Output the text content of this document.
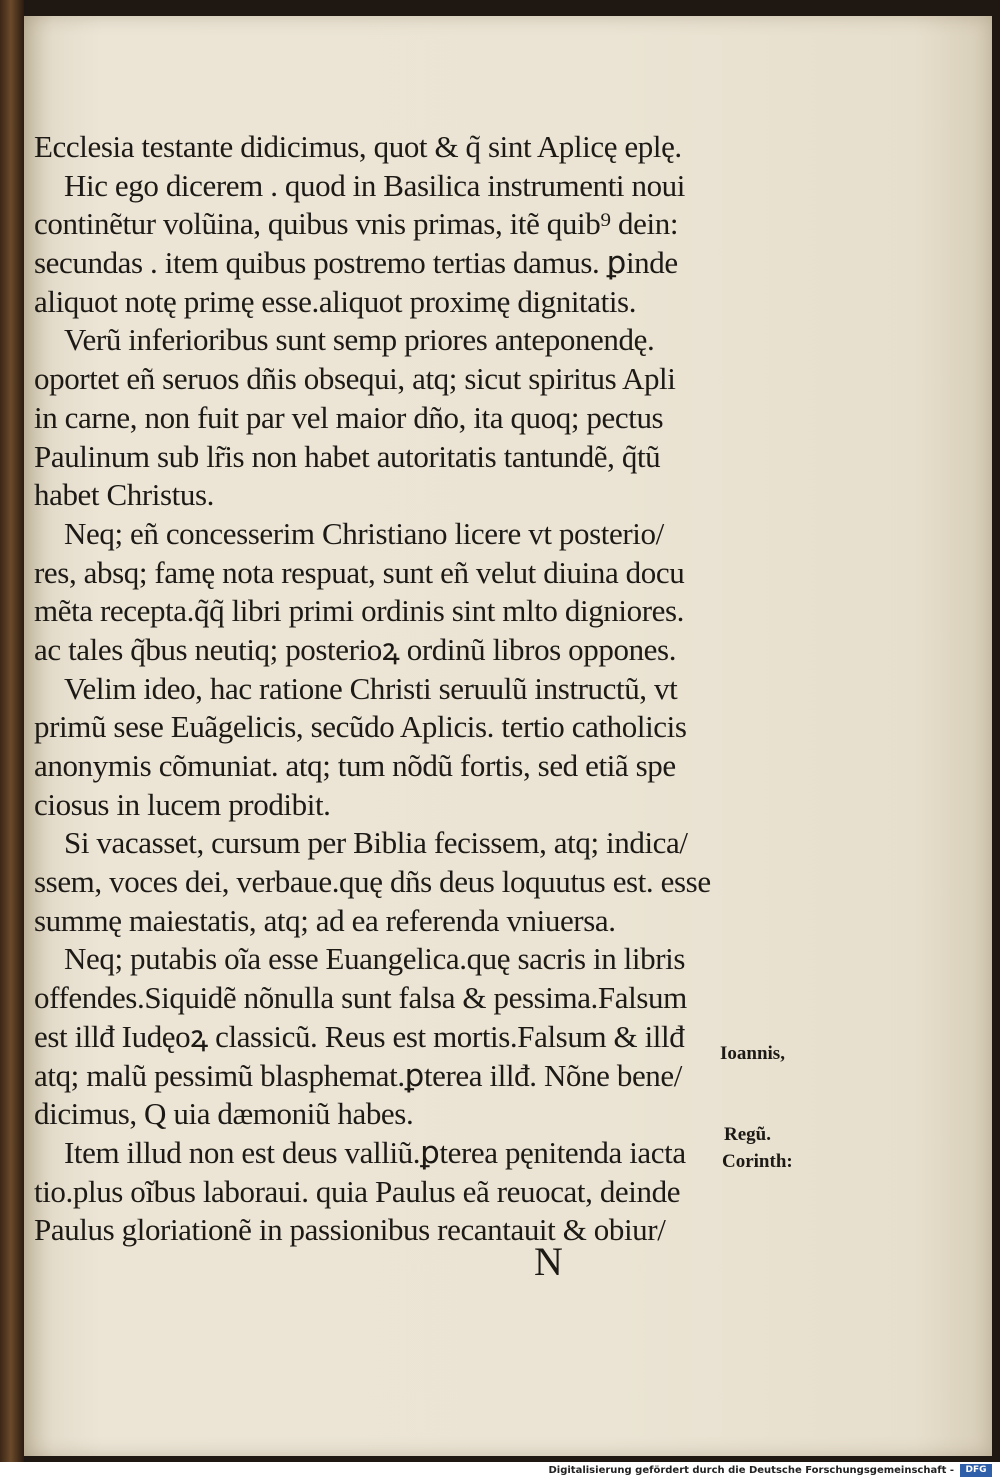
Ecclesia testante didicimus, quot & q̃ sint Aplicę eplę.
Hic ego dicerem . quod in Basilica instrumenti noui
continẽtur volũina, quibus vnis primas, itẽ quib⁹ dein:
secundas . item quibus postremo tertias damus. ꝑinde
aliquot notę primę esse.aliquot proximę dignitatis.
Verũ inferioribus sunt semp priores anteponendę.
oportet eñ seruos dñis obsequi, atq; sicut spiritus Apli
in carne, non fuit par vel maior dño, ita quoq; pectus
Paulinum sub lr̃is non habet autoritatis tantundẽ, q̃tũ
habet Christus.
Neq; eñ concesserim Christiano licere vt posterio/
res, absq; famę nota respuat, sunt eñ velut diuina docu
mẽta recepta.q̃q̃ libri primi ordinis sint mlto digniores.
ac tales q̃bus neutiq; posterioꝝ ordinũ libros oppones.
Velim ideo, hac ratione Christi seruulũ instructũ, vt
primũ sese Euãgelicis, secũdo Aplicis. tertio catholicis
anonymis cõmuniat. atq; tum nõdũ fortis, sed etiã spe
ciosus in lucem prodibit.
Si vacasset, cursum per Biblia fecissem, atq; indica/
ssem, voces dei, verbaue.quę dñs deus loquutus est. esse
summę maiestatis, atq; ad ea referenda vniuersa.
Neq; putabis oĩa esse Euangelica.quę sacris in libris
offendes.Siquidẽ nõnulla sunt falsa & pessima.Falsum
est illđ Iudęoꝝ classicũ. Reus est mortis.Falsum & illđ
atq; malũ pessimũ blasphemat.ꝑterea illđ. Nõne bene/
dicimus, Q uia dæmoniũ habes.
Item illud non est deus valliũ.ꝑterea pęnitenda iacta
tio.plus oĩbus laboraui. quia Paulus eã reuocat, deinde
Paulus gloriationẽ in passionibus recantauit & obiur/
Ioannis,
Regũ.
Corinth:
N
Digitalisierung gefördert durch die Deutsche Forschungsgemeinschaft -	DFG
